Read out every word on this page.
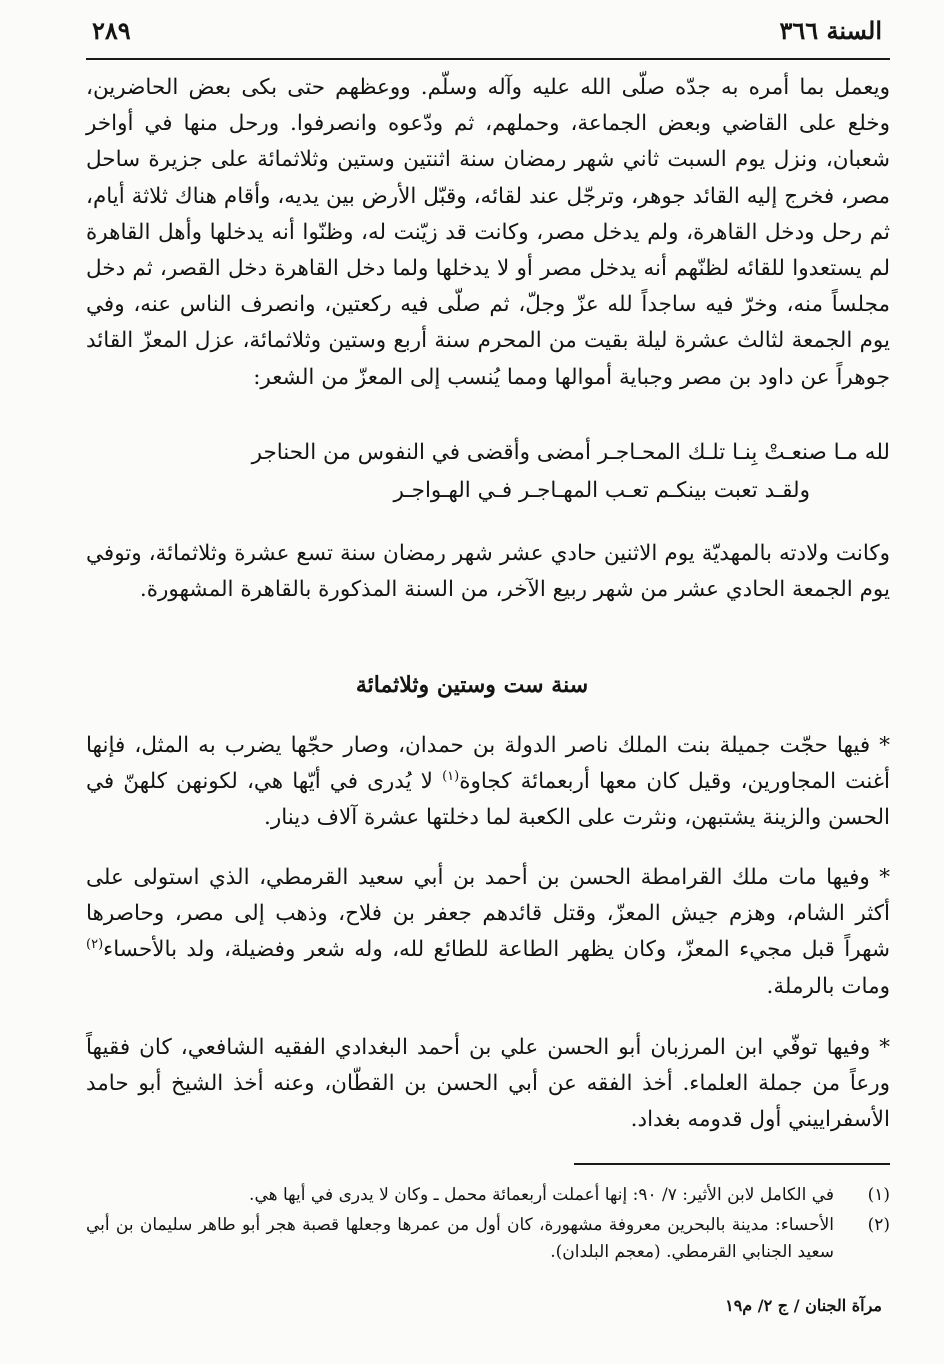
السنة ٣٦٦
٢٨٩

ويعمل بما أمره به جدّه صلّى الله عليه وآله وسلّم. ووعظهم حتى بكى بعض الحاضرين، وخلع على القاضي وبعض الجماعة، وحملهم، ثم ودّعوه وانصرفوا. ورحل منها في أواخر شعبان، ونزل يوم السبت ثاني شهر رمضان سنة اثنتين وستين وثلاثمائة على جزيرة ساحل مصر، فخرج إليه القائد جوهر، وترجّل عند لقائه، وقبّل الأرض بين يديه، وأقام هناك ثلاثة أيام، ثم رحل ودخل القاهرة، ولم يدخل مصر، وكانت قد زيّنت له، وظنّوا أنه يدخلها وأهل القاهرة لم يستعدوا للقائه لظنّهم أنه يدخل مصر أو لا يدخلها ولما دخل القاهرة دخل القصر، ثم دخل مجلساً منه، وخرّ فيه ساجداً لله عزّ وجلّ، ثم صلّى فيه ركعتين، وانصرف الناس عنه، وفي يوم الجمعة لثالث عشرة ليلة بقيت من المحرم سنة أربع وستين وثلاثمائة، عزل المعزّ القائد جوهراً عن داود بن مصر وجباية أموالها ومما يُنسب إلى المعزّ من الشعر:

لله مـا صنعـتْ بِنـا تلـك المحـاجـر أمضى وأقضى في النفوس من الحناجر
ولقـد تعبت بينكـم تعـب المهـاجـر فـي الهـواجـر

وكانت ولادته بالمهديّة يوم الاثنين حادي عشر شهر رمضان سنة تسع عشرة وثلاثمائة، وتوفي يوم الجمعة الحادي عشر من شهر ربيع الآخر، من السنة المذكورة بالقاهرة المشهورة.

سنة ست وستين وثلاثمائة

* فيها حجّت جميلة بنت الملك ناصر الدولة بن حمدان، وصار حجّها يضرب به المثل، فإنها أغنت المجاورين، وقيل كان معها أربعمائة كجاوة$^{(١)}$ لا يُدرى في أيّها هي، لكونهن كلهنّ في الحسن والزينة يشتبهن، ونثرت على الكعبة لما دخلتها عشرة آلاف دينار.

* وفيها مات ملك القرامطة الحسن بن أحمد بن أبي سعيد القرمطي، الذي استولى على أكثر الشام، وهزم جيش المعزّ، وقتل قائدهم جعفر بن فلاح، وذهب إلى مصر، وحاصرها شهراً قبل مجيء المعزّ، وكان يظهر الطاعة للطائع لله، وله شعر وفضيلة، ولد بالأحساء$^{(٢)}$ ومات بالرملة.

* وفيها توفّي ابن المرزبان أبو الحسن علي بن أحمد البغدادي الفقيه الشافعي، كان فقيهاً ورعاً من جملة العلماء. أخذ الفقه عن أبي الحسن بن القطّان، وعنه أخذ الشيخ أبو حامد الأسفراييني أول قدومه بغداد.

(١)
في الكامل لابن الأثير: ٧/ ٩٠: إنها أعملت أربعمائة محمل ـ وكان لا يدرى في أيها هي.
(٢)
الأحساء: مدينة بالبحرين معروفة مشهورة، كان أول من عمرها وجعلها قصبة هجر أبو طاهر سليمان بن أبي سعيد الجنابي القرمطي. (معجم البلدان).
مرآة الجنان / ج ٢/ م١٩
